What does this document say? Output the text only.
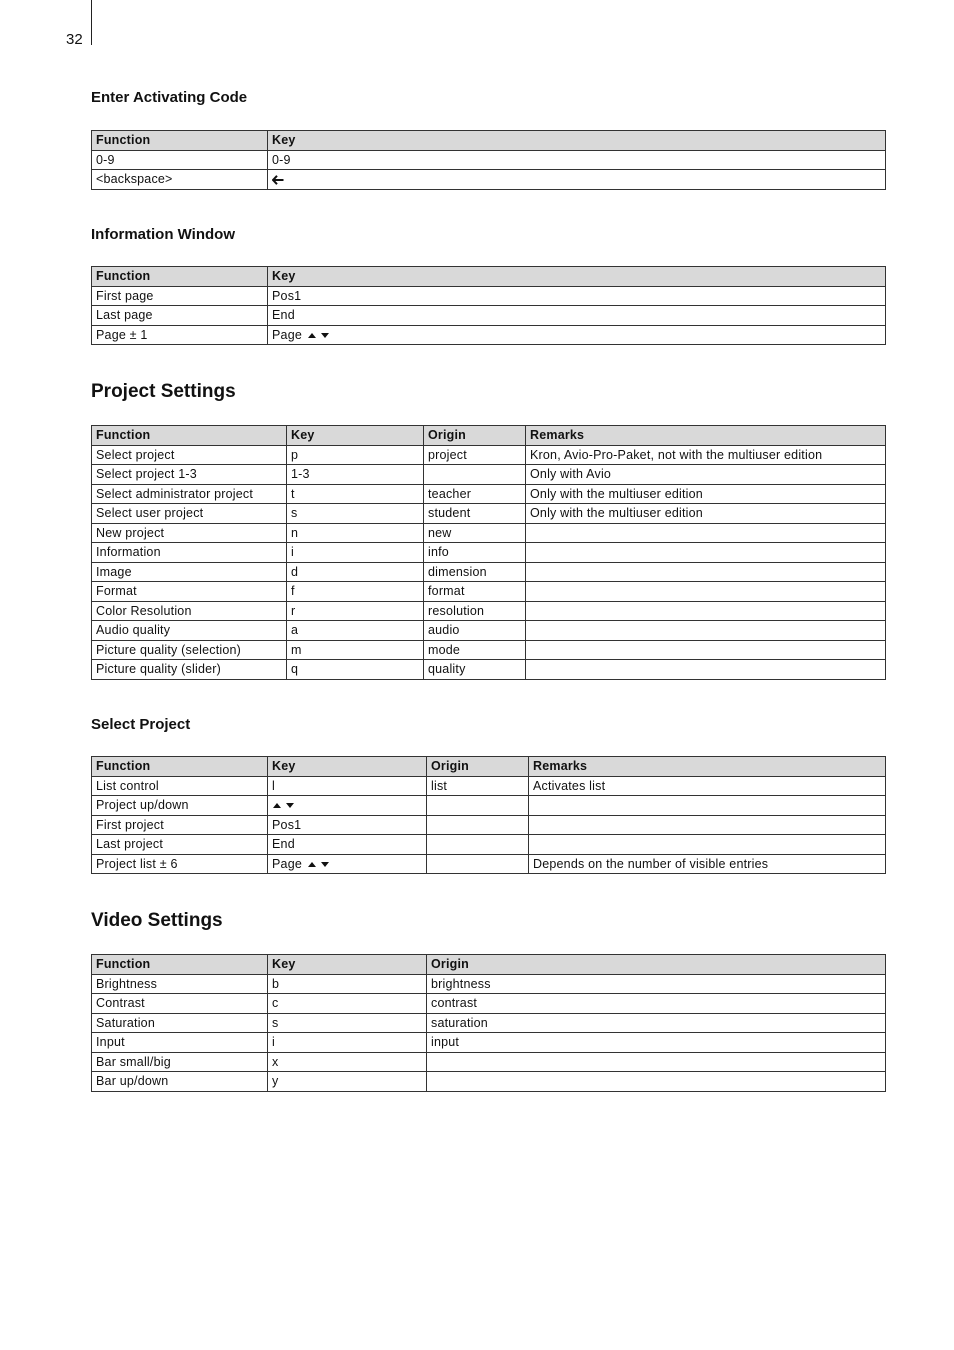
32
Enter Activating Code
Function	Key
0-9	0-9
<backspace>	
Information Window
Function	Key
First page	Pos1
Last page	End
Page ± 1	Page
Project Settings
Function	Key	Origin	Remarks
Select project	p	project	Kron, Avio-Pro-Paket, not with the multiuser edition
Select project 1-3	1-3		Only with Avio
Select administrator project	t	teacher	Only with the multiuser edition
Select user project	s	student	Only with the multiuser edition
New project	n	new	
Information	i	info	
Image	d	dimension	
Format	f	format	
Color Resolution	r	resolution	
Audio quality	a	audio	
Picture quality (selection)	m	mode	
Picture quality (slider)	q	quality	
Select Project
Function	Key	Origin	Remarks
List control	l	list	Activates list
Project up/down			
First project	Pos1		
Last project	End		
Project list ± 6	Page		Depends on the number of visible entries
Video Settings
Function	Key	Origin
Brightness	b	brightness
Contrast	c	contrast
Saturation	s	saturation
Input	i	input
Bar small/big	x	
Bar up/down	y	
